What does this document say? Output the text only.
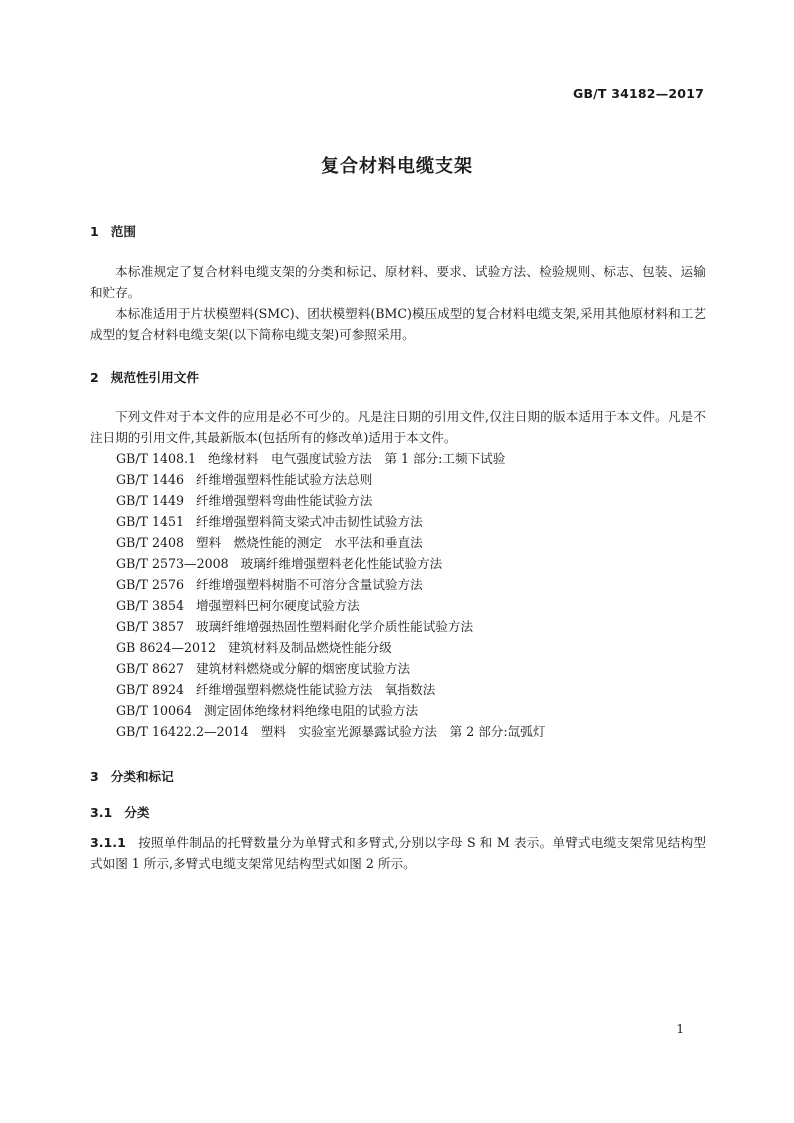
GB/T 34182—2017
复合材料电缆支架
1 范围

本标准规定了复合材料电缆支架的分类和标记、原材料、要求、试验方法、检验规则、标志、包装、运输和贮存。

本标准适用于片状模塑料(SMC)、团状模塑料(BMC)模压成型的复合材料电缆支架,采用其他原材料和工艺成型的复合材料电缆支架(以下简称电缆支架)可参照采用。

2 规范性引用文件

下列文件对于本文件的应用是必不可少的。凡是注日期的引用文件,仅注日期的版本适用于本文件。凡是不注日期的引用文件,其最新版本(包括所有的修改单)适用于本文件。

GB/T 1408.1 绝缘材料　电气强度试验方法　第 1 部分:工频下试验
GB/T 1446 纤维增强塑料性能试验方法总则
GB/T 1449 纤维增强塑料弯曲性能试验方法
GB/T 1451 纤维增强塑料简支梁式冲击韧性试验方法
GB/T 2408 塑料　燃烧性能的测定　水平法和垂直法
GB/T 2573—2008 玻璃纤维增强塑料老化性能试验方法
GB/T 2576 纤维增强塑料树脂不可溶分含量试验方法
GB/T 3854 增强塑料巴柯尔硬度试验方法
GB/T 3857 玻璃纤维增强热固性塑料耐化学介质性能试验方法
GB 8624—2012 建筑材料及制品燃烧性能分级
GB/T 8627 建筑材料燃烧或分解的烟密度试验方法
GB/T 8924 纤维增强塑料燃烧性能试验方法　氧指数法
GB/T 10064 测定固体绝缘材料绝缘电阻的试验方法
GB/T 16422.2—2014 塑料　实验室光源暴露试验方法　第 2 部分:氙弧灯
3 分类和标记
3.1 分类

3.1.1 按照单件制品的托臂数量分为单臂式和多臂式,分别以字母 S 和 M 表示。单臂式电缆支架常见结构型式如图 1 所示,多臂式电缆支架常见结构型式如图 2 所示。

1
